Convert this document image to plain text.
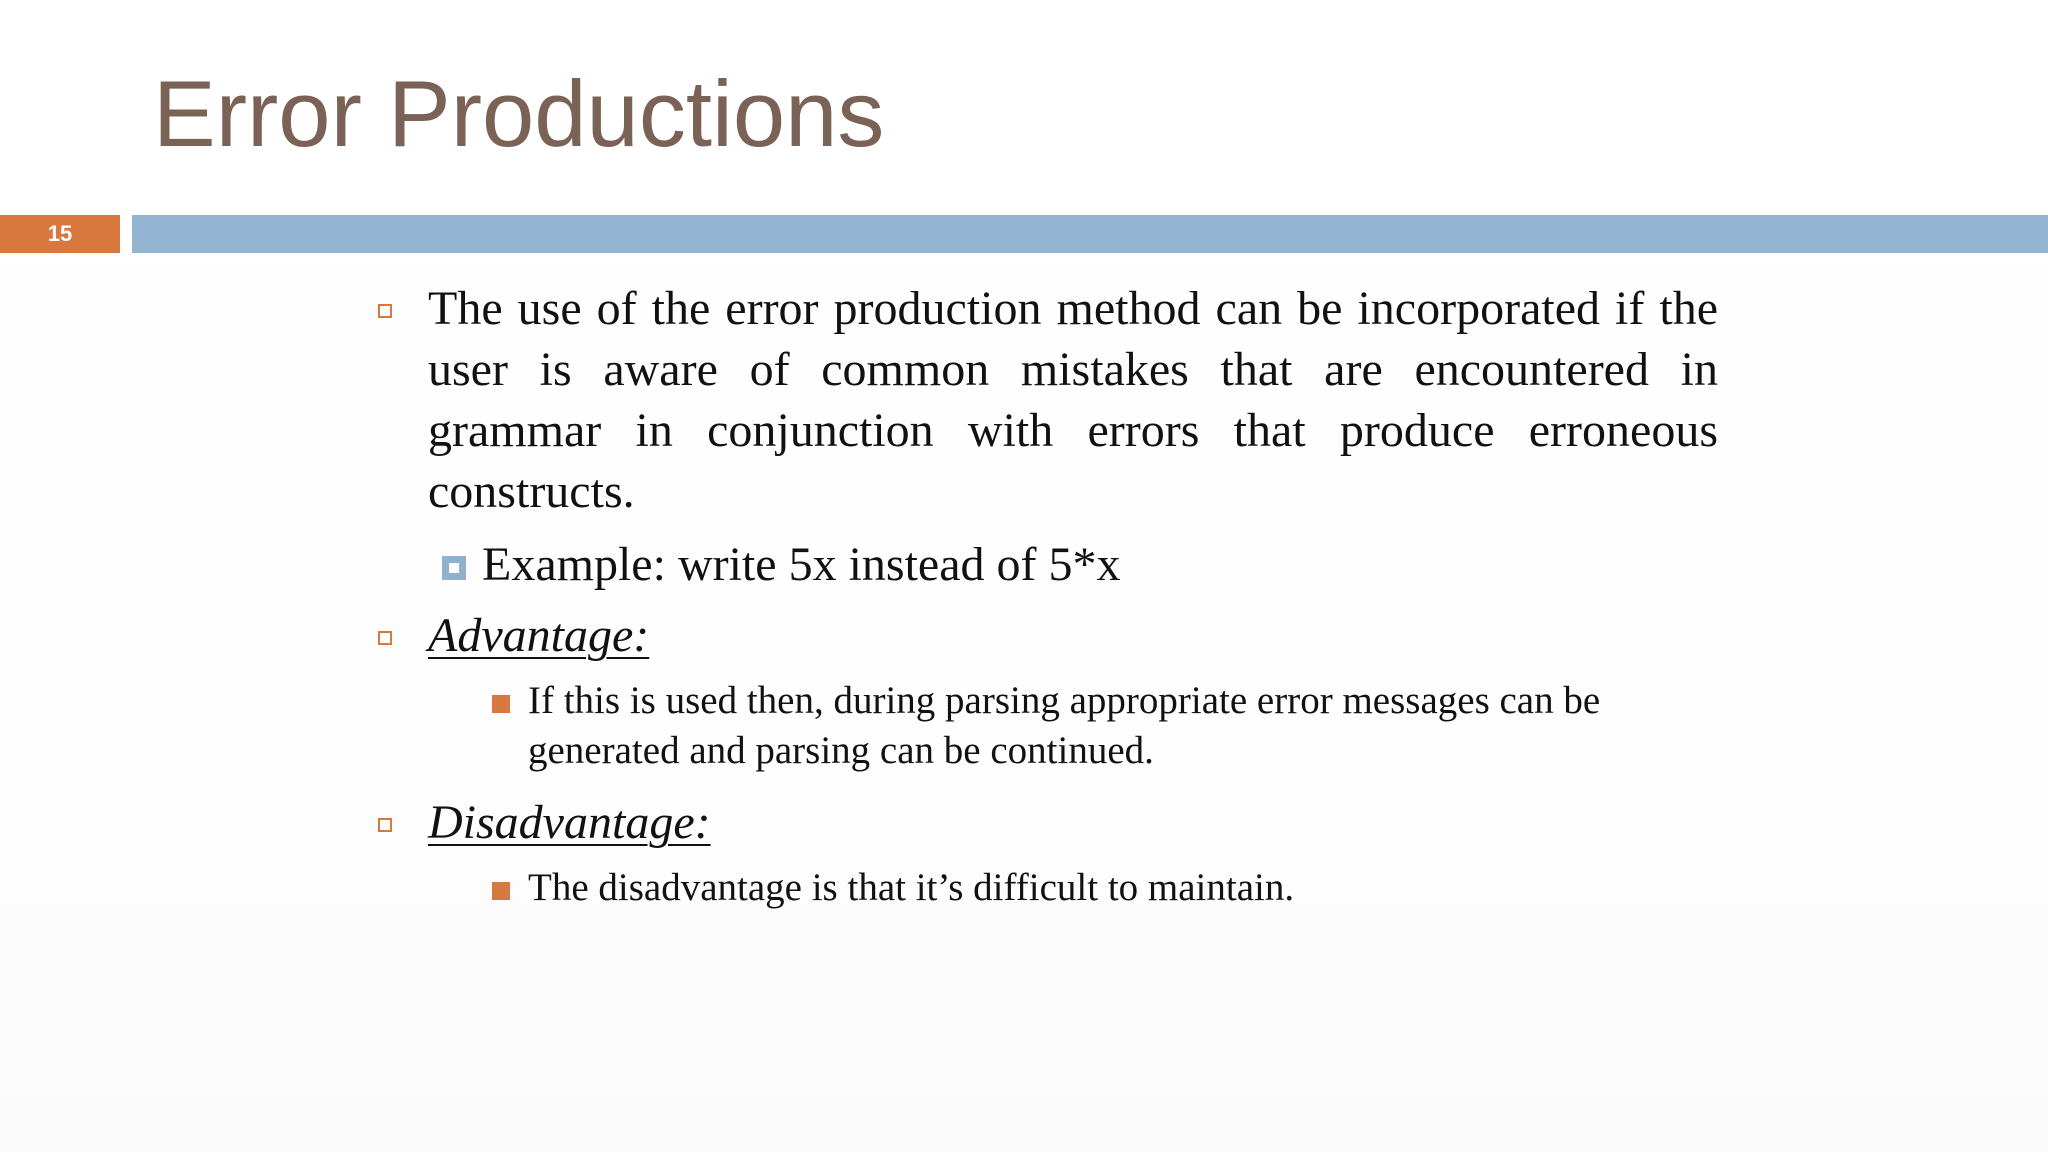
Error Productions
15
The use of the error production method can be incorporated if the user is aware of common mistakes that are encountered in grammar in conjunction with errors that produce erroneous constructs.
Example: write 5x instead of 5*x
Advantage:
If this is used then, during parsing appropriate error messages can be generated and parsing can be continued.
Disadvantage:
The disadvantage is that it’s difficult to maintain.
